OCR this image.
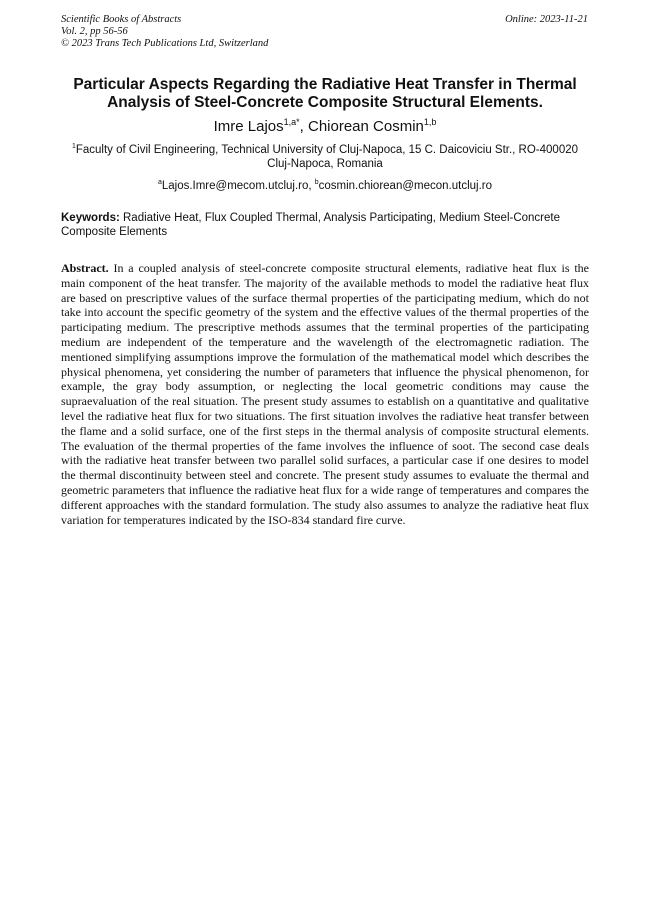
Scientific Books of Abstracts
Vol. 2, pp 56-56
© 2023 Trans Tech Publications Ltd, Switzerland
Online: 2023-11-21
Particular Aspects Regarding the Radiative Heat Transfer in Thermal Analysis of Steel-Concrete Composite Structural Elements.
Imre Lajos$^{1,a*}$, Chiorean Cosmin$^{1,b}$
$^1$Faculty of Civil Engineering, Technical University of Cluj-Napoca, 15 C. Daicoviciu Str., RO-400020 Cluj-Napoca, Romania
$^a$Lajos.Imre@mecom.utcluj.ro, $^b$cosmin.chiorean@mecon.utcluj.ro
Keywords: Radiative Heat, Flux Coupled Thermal, Analysis Participating, Medium Steel-Concrete Composite Elements
Abstract. In a coupled analysis of steel-concrete composite structural elements, radiative heat flux is the main component of the heat transfer. The majority of the available methods to model the radiative heat flux are based on prescriptive values of the surface thermal properties of the participating medium, which do not take into account the specific geometry of the system and the effective values of the thermal properties of the participating medium. The prescriptive methods assumes that the terminal properties of the participating medium are independent of the temperature and the wavelength of the electromagnetic radiation. The mentioned simplifying assumptions improve the formulation of the mathematical model which describes the physical phenomena, yet considering the number of parameters that influence the physical phenomenon, for example, the gray body assumption, or neglecting the local geometric conditions may cause the supraevaluation of the real situation. The present study assumes to establish on a quantitative and qualitative level the radiative heat flux for two situations. The first situation involves the radiative heat transfer between the flame and a solid surface, one of the first steps in the thermal analysis of composite structural elements. The evaluation of the thermal properties of the fame involves the influence of soot. The second case deals with the radiative heat transfer between two parallel solid surfaces, a particular case if one desires to model the thermal discontinuity between steel and concrete. The present study assumes to evaluate the thermal and geometric parameters that influence the radiative heat flux for a wide range of temperatures and compares the different approaches with the standard formulation. The study also assumes to analyze the radiative heat flux variation for temperatures indicated by the ISO-834 standard fire curve.
